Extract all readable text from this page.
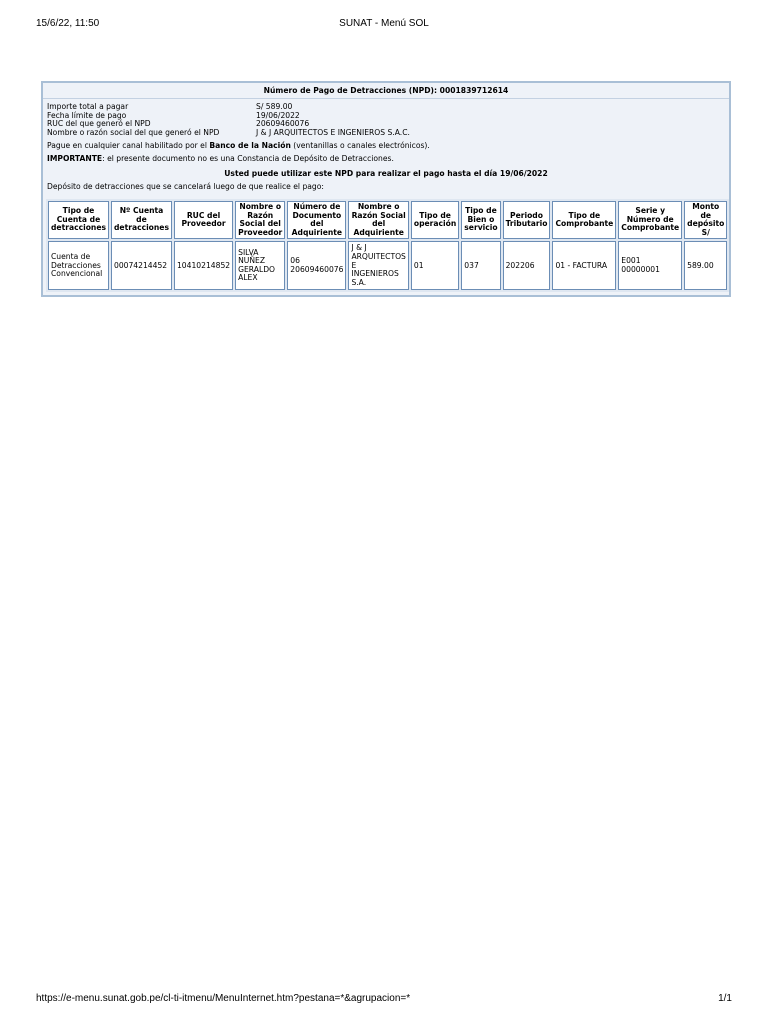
15/6/22, 11:50	SUNAT - Menú SOL
Número de Pago de Detracciones (NPD): 0001839712614
Importe total a pagar	S/ 589.00
Fecha límite de pago	19/06/2022
RUC del que generó el NPD	20609460076
Nombre o razón social del que generó el NPD	J & J ARQUITECTOS E INGENIEROS S.A.C.
Pague en cualquier canal habilitado por el Banco de la Nación (ventanillas o canales electrónicos).
IMPORTANTE: el presente documento no es una Constancia de Depósito de Detracciones.
Usted puede utilizar este NPD para realizar el pago hasta el día 19/06/2022
Depósito de detracciones que se cancelará luego de que realice el pago:
Tipo de Cuenta de detracciones	Nº Cuenta de detracciones	RUC del Proveedor	Nombre o Razón Social del Proveedor	Número de Documento del Adquiriente	Nombre o Razón Social del Adquiriente	Tipo de operación	Tipo de Bien o servicio	Periodo Tributario	Tipo de Comprobante	Serie y Número de Comprobante	Monto de depósito S/
Cuenta de Detracciones Convencional	00074214452	10410214852	SILVA NUÑEZ GERALDO ALEX	06 20609460076	J & J ARQUITECTOS E INGENIEROS S.A.	01	037	202206	01 - FACTURA	E001 00000001	589.00
https://e-menu.sunat.gob.pe/cl-ti-itmenu/MenuInternet.htm?pestana=*&agrupacion=*	1/1
